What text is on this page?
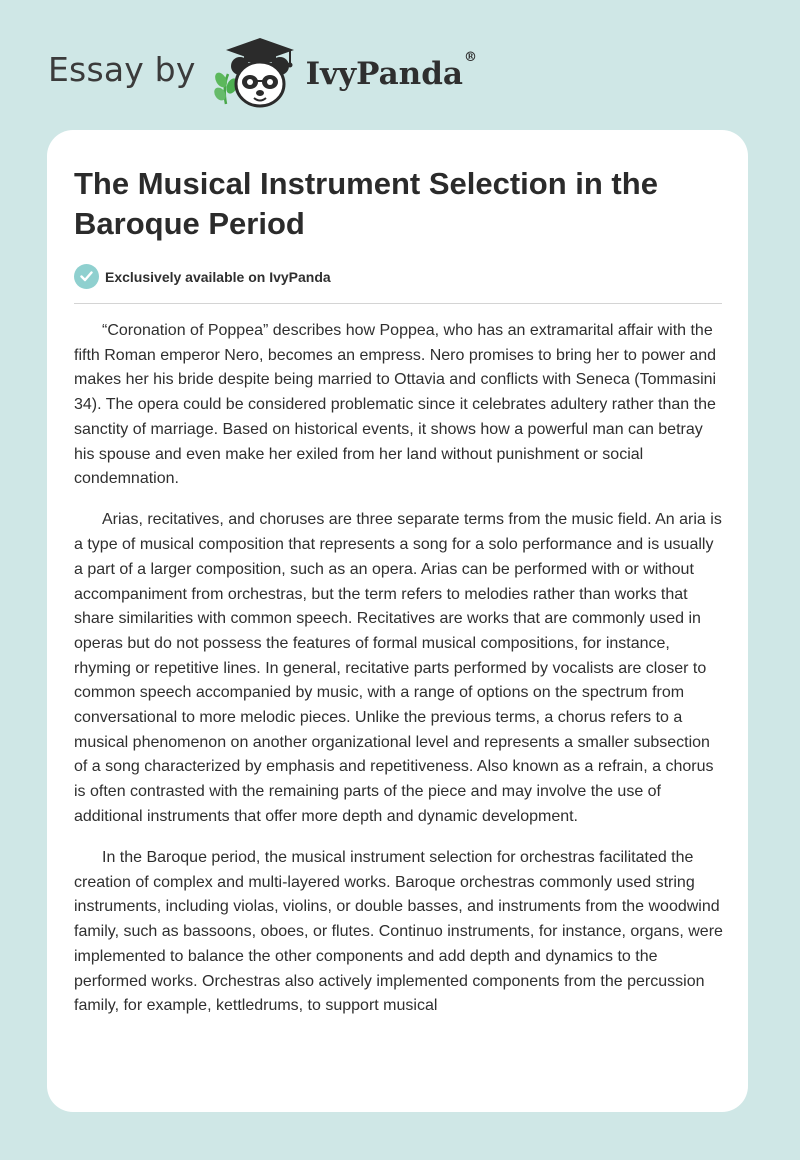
Essay by	IvyPanda®
The Musical Instrument Selection in the Baroque Period
Exclusively available on IvyPanda

“Coronation of Poppea” describes how Poppea, who has an extramarital affair with the fifth Roman emperor Nero, becomes an empress. Nero promises to bring her to power and makes her his bride despite being married to Ottavia and conflicts with Seneca (Tommasini 34). The opera could be considered problematic since it celebrates adultery rather than the sanctity of marriage. Based on historical events, it shows how a powerful man can betray his spouse and even make her exiled from her land without punishment or social condemnation.

Arias, recitatives, and choruses are three separate terms from the music field. An aria is a type of musical composition that represents a song for a solo performance and is usually a part of a larger composition, such as an opera. Arias can be performed with or without accompaniment from orchestras, but the term refers to melodies rather than works that share similarities with common speech. Recitatives are works that are commonly used in operas but do not possess the features of formal musical compositions, for instance, rhyming or repetitive lines. In general, recitative parts performed by vocalists are closer to common speech accompanied by music, with a range of options on the spectrum from conversational to more melodic pieces. Unlike the previous terms, a chorus refers to a musical phenomenon on another organizational level and represents a smaller subsection of a song characterized by emphasis and repetitiveness. Also known as a refrain, a chorus is often contrasted with the remaining parts of the piece and may involve the use of additional instruments that offer more depth and dynamic development.

In the Baroque period, the musical instrument selection for orchestras facilitated the creation of complex and multi-layered works. Baroque orchestras commonly used string instruments, including violas, violins, or double basses, and instruments from the woodwind family, such as bassoons, oboes, or flutes. Continuo instruments, for instance, organs, were implemented to balance the other components and add depth and dynamics to the performed works. Orchestras also actively implemented components from the percussion family, for example, kettledrums, to support musical
